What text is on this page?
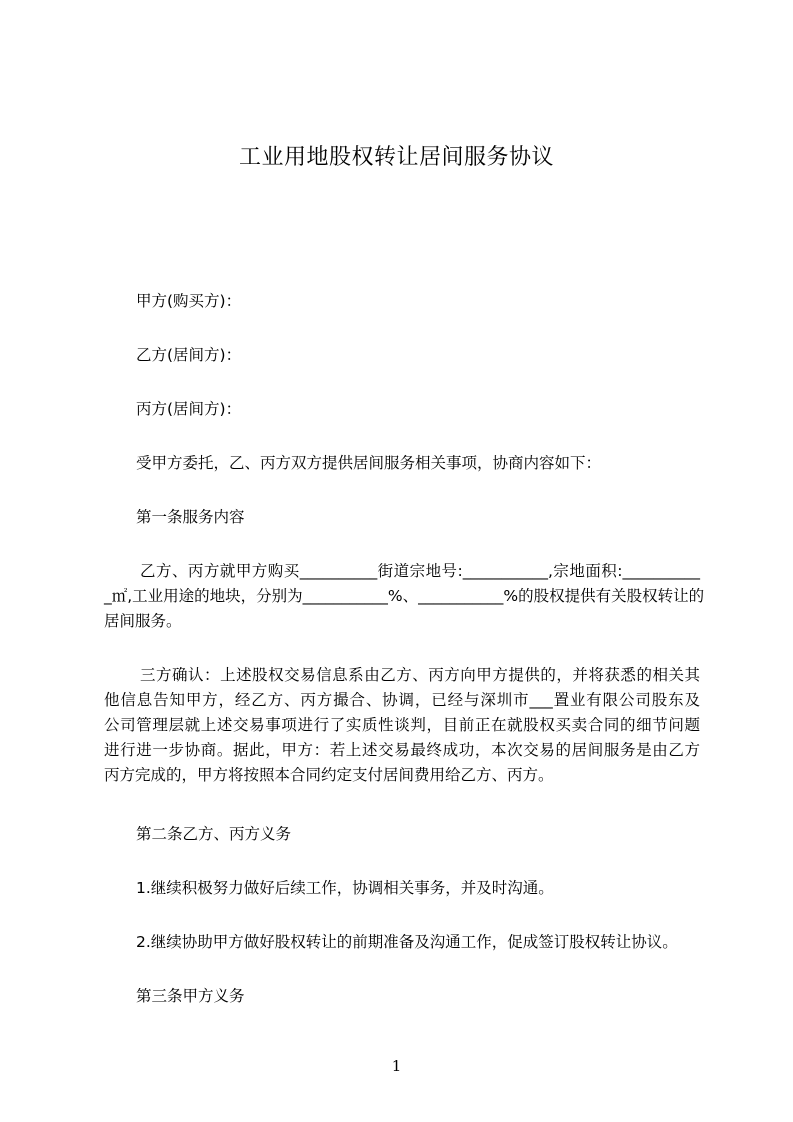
工业用地股权转让居间服务协议
甲方(购买方)：
乙方(居间方)：
丙方(居间方)：
受甲方委托，乙、丙方双方提供居间服务相关事项，协商内容如下：
第一条服务内容
乙方、丙方就甲方购买__________街道宗地号:___________,宗地面积:__________
_㎡,工业用途的地块，分别为___________%、___________%的股权提供有关股权转让的
居间服务。
三方确认：上述股权交易信息系由乙方、丙方向甲方提供的，并将获悉的相关其
他信息告知甲方，经乙方、丙方撮合、协调，已经与深圳市___置业有限公司股东及
公司管理层就上述交易事项进行了实质性谈判，目前正在就股权买卖合同的细节问题
进行进一步协商。据此，甲方：若上述交易最终成功，本次交易的居间服务是由乙方
丙方完成的，甲方将按照本合同约定支付居间费用给乙方、丙方。
第二条乙方、丙方义务
1.继续积极努力做好后续工作，协调相关事务，并及时沟通。
2.继续协助甲方做好股权转让的前期准备及沟通工作，促成签订股权转让协议。
第三条甲方义务
1
